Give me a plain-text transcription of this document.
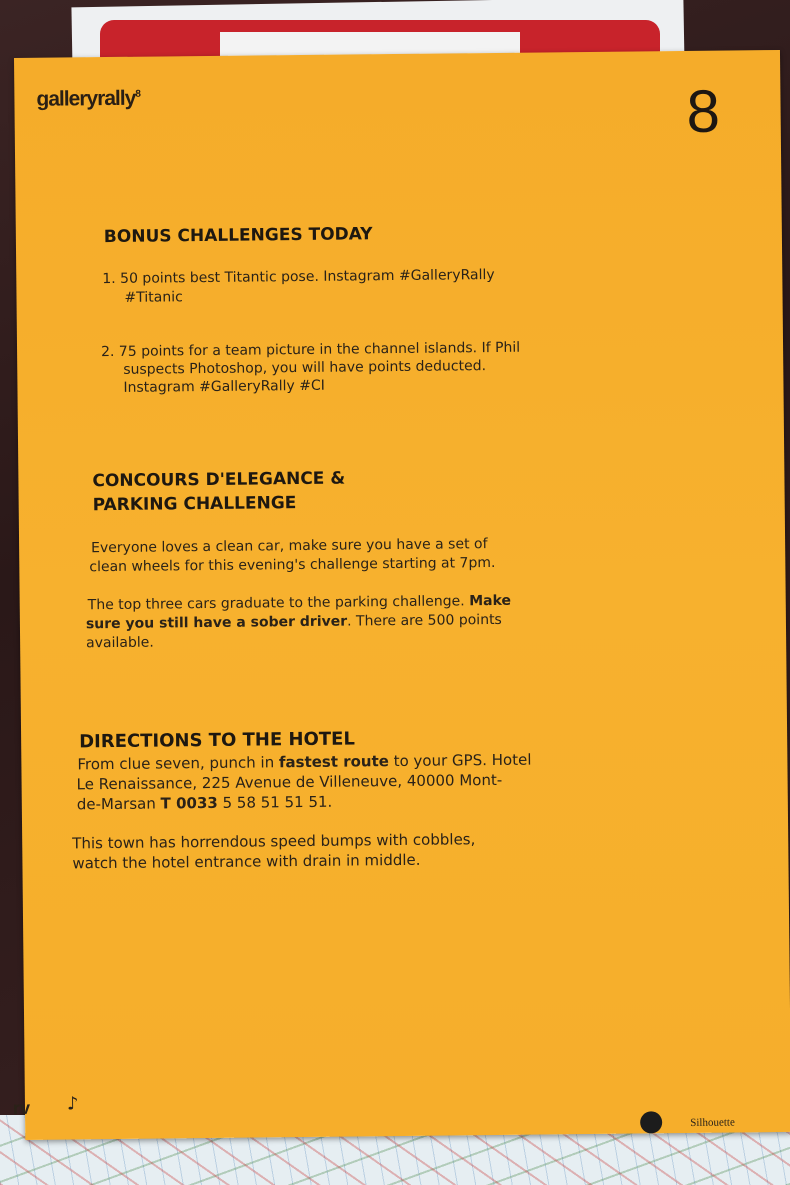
galleryrally$^8$	8
BONUS CHALLENGES TODAY
1. 50 points best Titantic pose. Instagram #GalleryRally
#Titanic
2. 75 points for a team picture in the channel islands. If Phil
suspects Photoshop, you will have points deducted.
Instagram #GalleryRally #CI
CONCOURS D'ELEGANCE &
PARKING CHALLENGE
Everyone loves a clean car, make sure you have a set of
clean wheels for this evening's challenge starting at 7pm.
The top three cars graduate to the parking challenge. Make
sure you still have a sober driver. There are 500 points
available.
DIRECTIONS TO THE HOTEL
From clue seven, punch in fastest route to your GPS. Hotel
Le Renaissance, 225 Avenue de Villeneuve, 40000 Mont-
de-Marsan T 0033 5 58 51 51 51.
This town has horrendous speed bumps with cobbles,
watch the hotel entrance with drain in middle.
rv ♪
Silhouette
